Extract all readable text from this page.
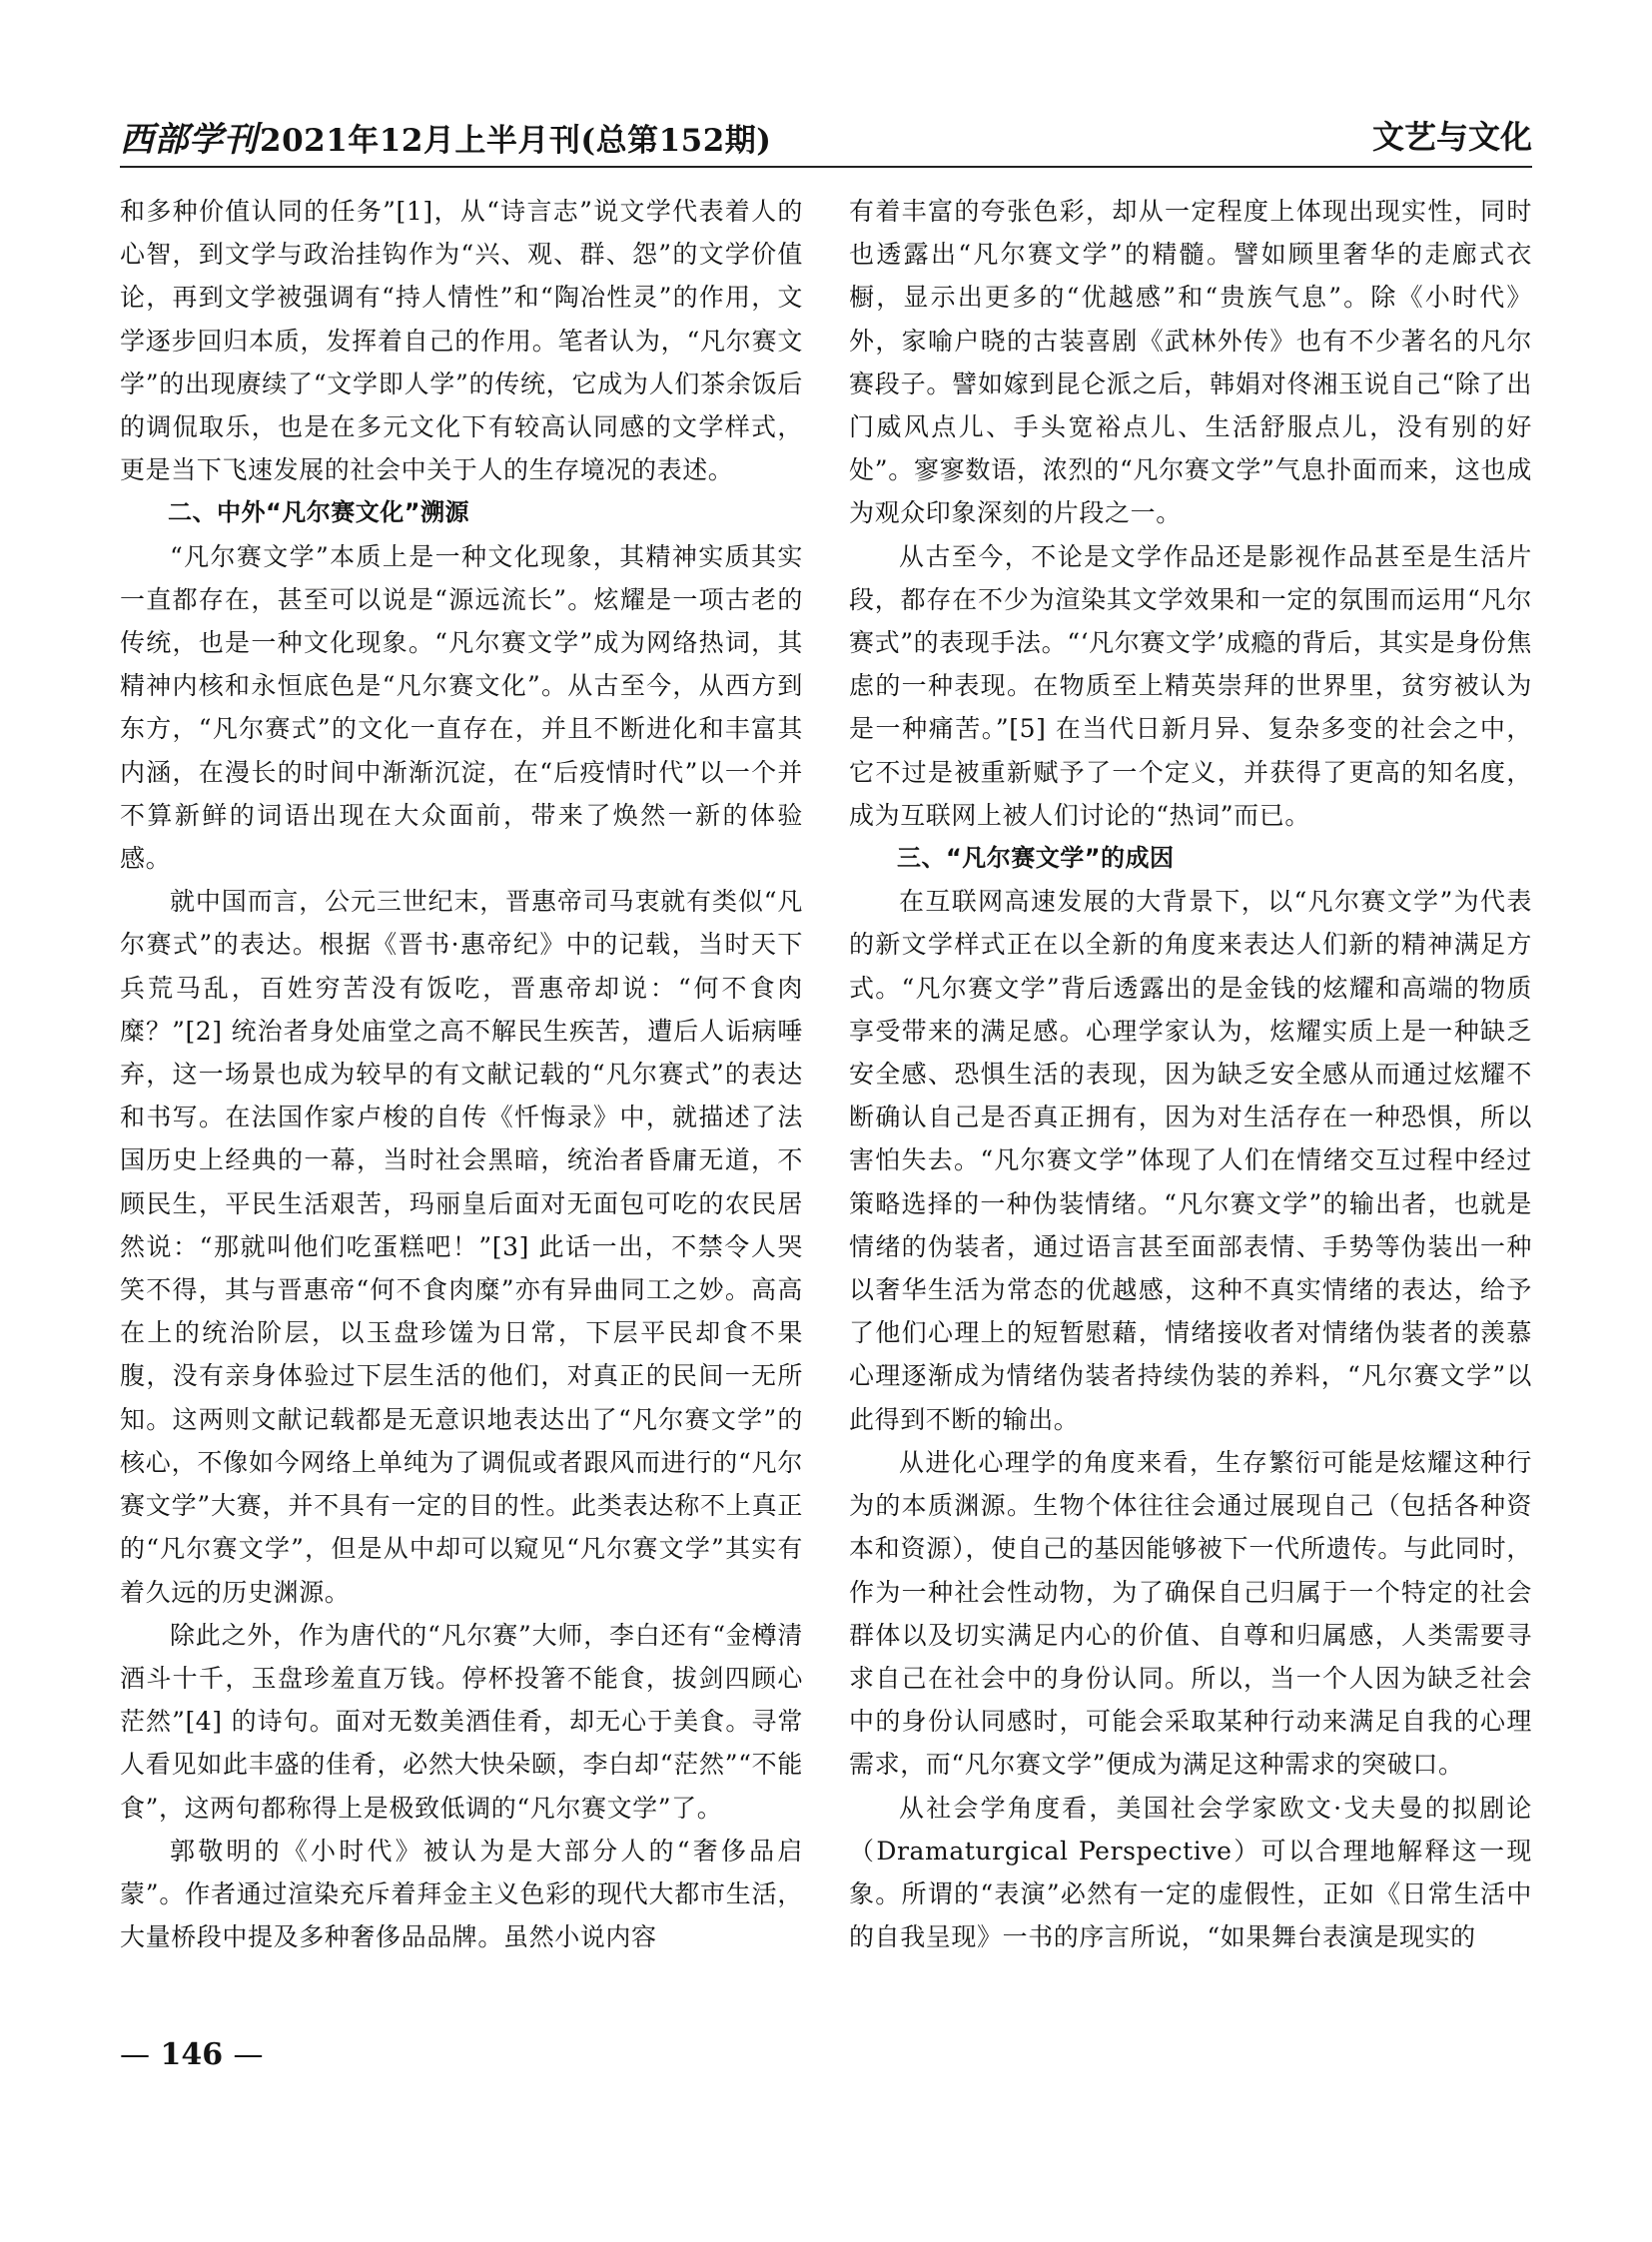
西部学刊2021年12月上半月刊(总第152期)	文艺与文化

和多种价值认同的任务”[1]，从“诗言志”说文学代表着人的心智，到文学与政治挂钩作为“兴、观、群、怨”的文学价值论，再到文学被强调有“持人情性”和“陶冶性灵”的作用，文学逐步回归本质，发挥着自己的作用。笔者认为，“凡尔赛文学”的出现赓续了“文学即人学”的传统，它成为人们茶余饭后的调侃取乐，也是在多元文化下有较高认同感的文学样式，更是当下飞速发展的社会中关于人的生存境况的表述。

二、中外“凡尔赛文化”溯源

“凡尔赛文学”本质上是一种文化现象，其精神实质其实一直都存在，甚至可以说是“源远流长”。炫耀是一项古老的传统，也是一种文化现象。“凡尔赛文学”成为网络热词，其精神内核和永恒底色是“凡尔赛文化”。从古至今，从西方到东方，“凡尔赛式”的文化一直存在，并且不断进化和丰富其内涵，在漫长的时间中渐渐沉淀，在“后疫情时代”以一个并不算新鲜的词语出现在大众面前，带来了焕然一新的体验感。

就中国而言，公元三世纪末，晋惠帝司马衷就有类似“凡尔赛式”的表达。根据《晋书·惠帝纪》中的记载，当时天下兵荒马乱，百姓穷苦没有饭吃，晋惠帝却说：“何不食肉糜？”[2] 统治者身处庙堂之高不解民生疾苦，遭后人诟病唾弃，这一场景也成为较早的有文献记载的“凡尔赛式”的表达和书写。在法国作家卢梭的自传《忏悔录》中，就描述了法国历史上经典的一幕，当时社会黑暗，统治者昏庸无道，不顾民生，平民生活艰苦，玛丽皇后面对无面包可吃的农民居然说：“那就叫他们吃蛋糕吧！”[3] 此话一出，不禁令人哭笑不得，其与晋惠帝“何不食肉糜”亦有异曲同工之妙。高高在上的统治阶层，以玉盘珍馐为日常，下层平民却食不果腹，没有亲身体验过下层生活的他们，对真正的民间一无所知。这两则文献记载都是无意识地表达出了“凡尔赛文学”的核心，不像如今网络上单纯为了调侃或者跟风而进行的“凡尔赛文学”大赛，并不具有一定的目的性。此类表达称不上真正的“凡尔赛文学”，但是从中却可以窥见“凡尔赛文学”其实有着久远的历史渊源。

除此之外，作为唐代的“凡尔赛”大师，李白还有“金樽清酒斗十千，玉盘珍羞直万钱。停杯投箸不能食，拔剑四顾心茫然”[4] 的诗句。面对无数美酒佳肴，却无心于美食。寻常人看见如此丰盛的佳肴，必然大快朵颐，李白却“茫然”“不能食”，这两句都称得上是极致低调的“凡尔赛文学”了。

郭敬明的《小时代》被认为是大部分人的“奢侈品启蒙”。作者通过渲染充斥着拜金主义色彩的现代大都市生活，大量桥段中提及多种奢侈品品牌。虽然小说内容

有着丰富的夸张色彩，却从一定程度上体现出现实性，同时也透露出“凡尔赛文学”的精髓。譬如顾里奢华的走廊式衣橱，显示出更多的“优越感”和“贵族气息”。除《小时代》外，家喻户晓的古装喜剧《武林外传》也有不少著名的凡尔赛段子。譬如嫁到昆仑派之后，韩娟对佟湘玉说自己“除了出门威风点儿、手头宽裕点儿、生活舒服点儿，没有别的好处”。寥寥数语，浓烈的“凡尔赛文学”气息扑面而来，这也成为观众印象深刻的片段之一。

从古至今，不论是文学作品还是影视作品甚至是生活片段，都存在不少为渲染其文学效果和一定的氛围而运用“凡尔赛式”的表现手法。“‘凡尔赛文学’成瘾的背后，其实是身份焦虑的一种表现。在物质至上精英崇拜的世界里，贫穷被认为是一种痛苦。”[5] 在当代日新月异、复杂多变的社会之中，它不过是被重新赋予了一个定义，并获得了更高的知名度，成为互联网上被人们讨论的“热词”而已。

三、“凡尔赛文学”的成因

在互联网高速发展的大背景下，以“凡尔赛文学”为代表的新文学样式正在以全新的角度来表达人们新的精神满足方式。“凡尔赛文学”背后透露出的是金钱的炫耀和高端的物质享受带来的满足感。心理学家认为，炫耀实质上是一种缺乏安全感、恐惧生活的表现，因为缺乏安全感从而通过炫耀不断确认自己是否真正拥有，因为对生活存在一种恐惧，所以害怕失去。“凡尔赛文学”体现了人们在情绪交互过程中经过策略选择的一种伪装情绪。“凡尔赛文学”的输出者，也就是情绪的伪装者，通过语言甚至面部表情、手势等伪装出一种以奢华生活为常态的优越感，这种不真实情绪的表达，给予了他们心理上的短暂慰藉，情绪接收者对情绪伪装者的羡慕心理逐渐成为情绪伪装者持续伪装的养料，“凡尔赛文学”以此得到不断的输出。

从进化心理学的角度来看，生存繁衍可能是炫耀这种行为的本质渊源。生物个体往往会通过展现自己（包括各种资本和资源），使自己的基因能够被下一代所遗传。与此同时，作为一种社会性动物，为了确保自己归属于一个特定的社会群体以及切实满足内心的价值、自尊和归属感，人类需要寻求自己在社会中的身份认同。所以，当一个人因为缺乏社会中的身份认同感时，可能会采取某种行动来满足自我的心理需求，而“凡尔赛文学”便成为满足这种需求的突破口。

从社会学角度看，美国社会学家欧文·戈夫曼的拟剧论（Dramaturgical Perspective）可以合理地解释这一现象。所谓的“表演”必然有一定的虚假性，正如《日常生活中的自我呈现》一书的序言所说，“如果舞台表演是现实的

— 146 —
